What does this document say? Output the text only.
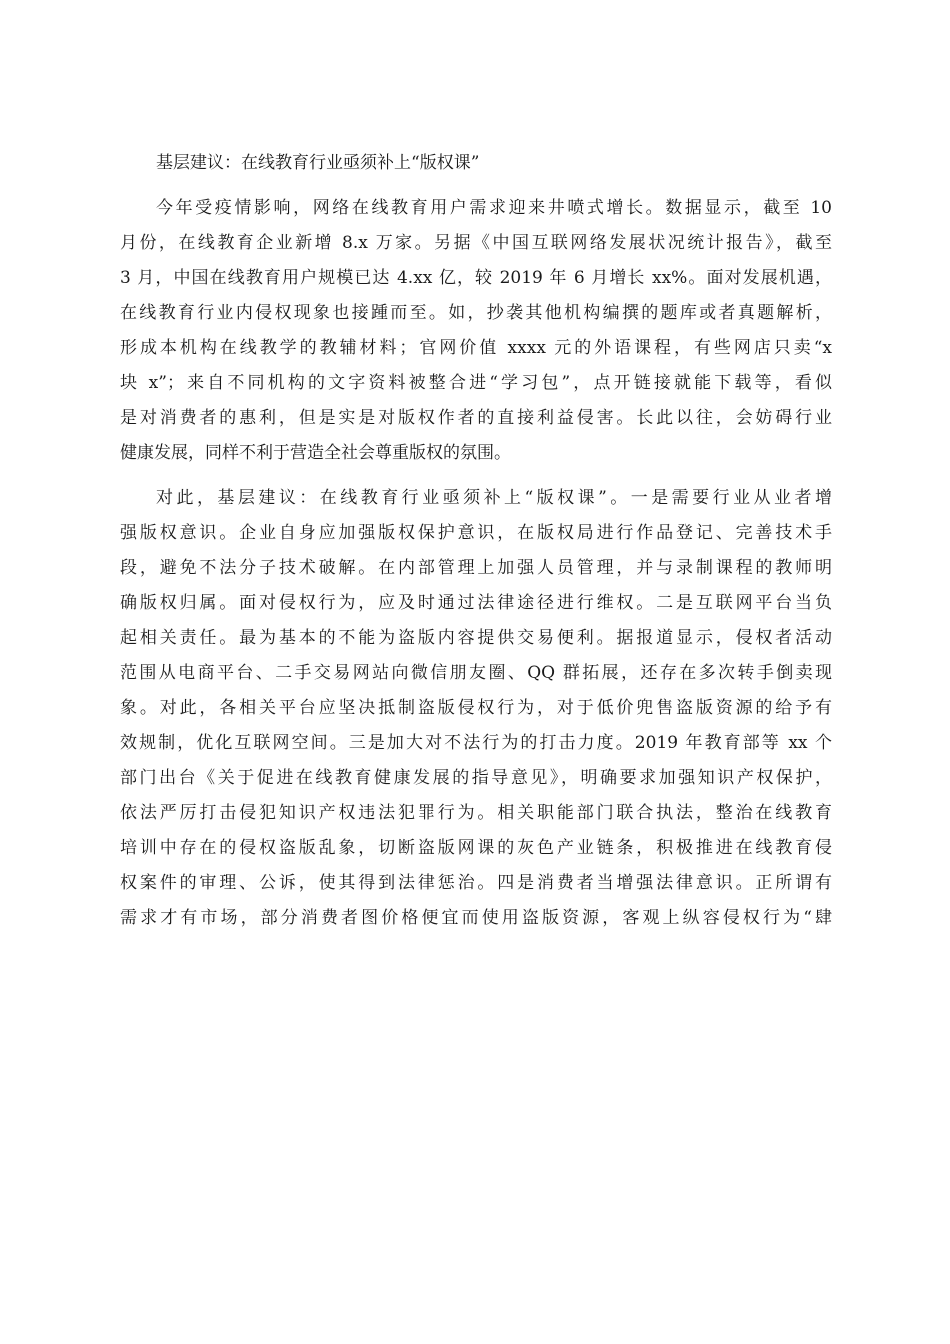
基层建议：在线教育行业亟须补上“版权课”
今年受疫情影响，网络在线教育用户需求迎来井喷式增长。数据显示，截至 10
月份，在线教育企业新增 8.x 万家。另据《中国互联网络发展状况统计报告》，截至
3 月，中国在线教育用户规模已达 4.xx 亿，较 2019 年 6 月增长 xx%。面对发展机遇，
在线教育行业内侵权现象也接踵而至。如，抄袭其他机构编撰的题库或者真题解析，
形成本机构在线教学的教辅材料；官网价值 xxxx 元的外语课程，有些网店只卖“x
块 x”；来自不同机构的文字资料被整合进“学习包”，点开链接就能下载等，看似
是对消费者的惠利，但是实是对版权作者的直接利益侵害。长此以往，会妨碍行业
健康发展，同样不利于营造全社会尊重版权的氛围。
对此，基层建议：在线教育行业亟须补上“版权课”。一是需要行业从业者增
强版权意识。企业自身应加强版权保护意识，在版权局进行作品登记、完善技术手
段，避免不法分子技术破解。在内部管理上加强人员管理，并与录制课程的教师明
确版权归属。面对侵权行为，应及时通过法律途径进行维权。二是互联网平台当负
起相关责任。最为基本的不能为盗版内容提供交易便利。据报道显示，侵权者活动
范围从电商平台、二手交易网站向微信朋友圈、QQ 群拓展，还存在多次转手倒卖现
象。对此，各相关平台应坚决抵制盗版侵权行为，对于低价兜售盗版资源的给予有
效规制，优化互联网空间。三是加大对不法行为的打击力度。2019 年教育部等 xx 个
部门出台《关于促进在线教育健康发展的指导意见》，明确要求加强知识产权保护，
依法严厉打击侵犯知识产权违法犯罪行为。相关职能部门联合执法，整治在线教育
培训中存在的侵权盗版乱象，切断盗版网课的灰色产业链条，积极推进在线教育侵
权案件的审理、公诉，使其得到法律惩治。四是消费者当增强法律意识。正所谓有
需求才有市场，部分消费者图价格便宜而使用盗版资源，客观上纵容侵权行为“肆
